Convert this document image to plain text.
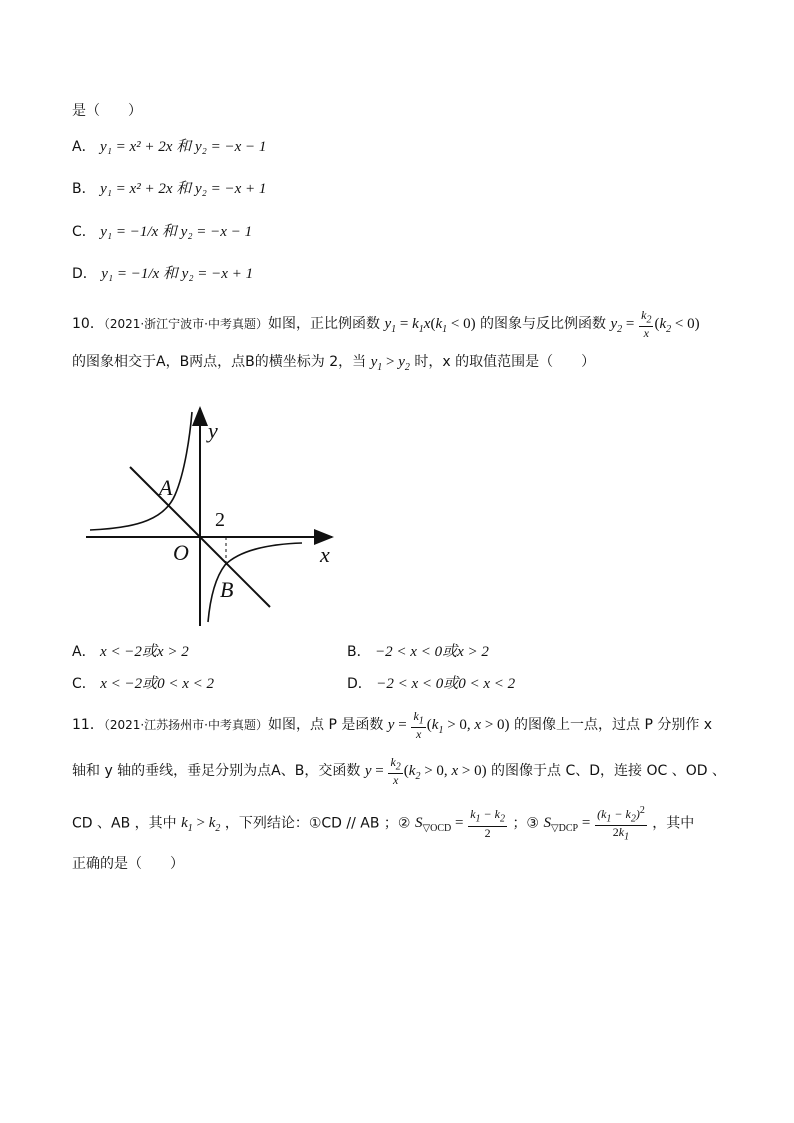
是（　　）
A． y₁ = x² + 2x 和 y₂ = −x − 1
B． y₁ = x² + 2x 和 y₂ = −x + 1
C． y₁ = −1/x 和 y₂ = −x − 1
D． y₁ = −1/x 和 y₂ = −x + 1
10．（2021·浙江宁波市·中考真题）如图，正比例函数 $y_1 = k_1x(k_1 < 0)$ 的图象与反比例函数 $y_2 = \frac{k_2}{x} (k_2 < 0)$
的图象相交于A，B两点，点B的横坐标为 2，当 $y_1 > y_2$ 时，x 的取值范围是（　　）
y
x
O
A
B
2
A． x < −2或x > 2	B． −2 < x < 0或x > 2
C． x < −2或0 < x < 2	D． −2 < x < 0或0 < x < 2
11．（2021·江苏扬州市·中考真题）如图，点 P 是函数 $y = \frac{k_1}{x} (k_1 > 0$, x > 0) 的图像上一点，过点 P 分别作 x
轴和 y 轴的垂线，垂足分别为点A、B，交函数 $y = \frac{k_2}{x} (k_2 > 0$, x > 0) 的图像于点 C、D，连接 OC 、OD 、
CD 、AB ，其中 $k_1 > k_2$ ，下列结论：①CD // AB ；② $S_{▽OCD} = \frac{k_1 - k_2}{2}$ ；③ $S_{▽DCP} = \frac{(k_1 - k_2)^2}{2k_1}$ ，其中
正确的是（　　）
